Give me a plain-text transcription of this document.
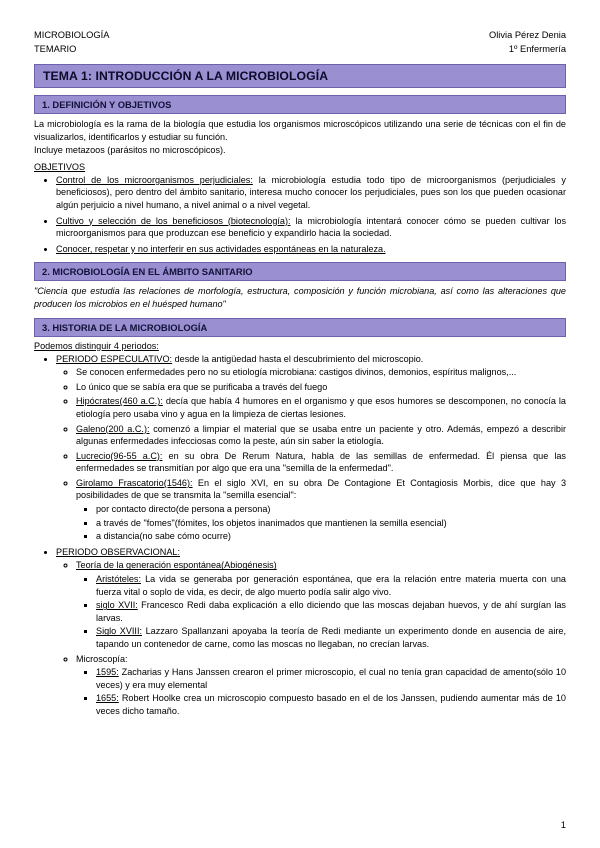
MICROBIOLOGÍA
TEMARIO
Olivia Pérez Denia
1º Enfermería
TEMA 1: INTRODUCCIÓN A LA MICROBIOLOGÍA
1. DEFINICIÓN Y OBJETIVOS

La microbiología es la rama de la biología que estudia los organismos microscópicos utilizando una serie de técnicas con el fin de visualizarlos, identificarlos y estudiar su función.

Incluye metazoos (parásitos no microscópicos).

OBJETIVOS
• Control de los microorganismos perjudiciales: la microbiología estudia todo tipo de microorganismos (perjudiciales y beneficiosos), pero dentro del ámbito sanitario, interesa mucho conocer los perjudiciales, pues son los que pueden ocasionar algún perjuicio a nivel humano, a nivel animal o a nivel vegetal.
• Cultivo y selección de los beneficiosos (biotecnología): la microbiología intentará conocer cómo se pueden cultivar los microorganismos para que produzcan ese beneficio y expandirlo hacia la sociedad.
• Conocer, respetar y no interferir en sus actividades espontáneas en la naturaleza.
2. MICROBIOLOGÍA EN EL ÁMBITO SANITARIO

"Ciencia que estudia las relaciones de morfología, estructura, composición y función microbiana, así como las alteraciones que producen los microbios en el huésped humano"

3. HISTORIA DE LA MICROBIOLOGÍA
Podemos distinguir 4 periodos:
• PERIODO ESPECULATIVO: desde la antigüedad hasta el descubrimiento del microscopio.
◦ Se conocen enfermedades pero no su etiología microbiana: castigos divinos, demonios, espíritus malignos,...
◦ Lo único que se sabía era que se purificaba a través del fuego
◦ Hipócrates(460 a.C.): decía que había 4 humores en el organismo y que esos humores se descomponen, no conocía la etiología pero usaba vino y agua en la limpieza de ciertas lesiones.
◦ Galeno(200 a.C.): comenzó a limpiar el material que se usaba entre un paciente y otro. Además, empezó a describir algunas enfermedades infecciosas como la peste, aún sin saber la etiología.
◦ Lucrecio(96-55 a.C): en su obra De Rerum Natura, habla de las semillas de enfermedad. Él piensa que las enfermedades se transmitían por algo que era una "semilla de la enfermedad".
◦ Girolamo Frascatorio(1546): En el siglo XVI, en su obra De Contagione Et Contagiosis Morbis, dice que hay 3 posibilidades de que se transmita la "semilla esencial":
▪ por contacto directo(de persona a persona)
▪ a través de "fomes"(fómites, los objetos inanimados que mantienen la semilla esencial)
▪ a distancia(no sabe cómo ocurre)
• PERIODO OBSERVACIONAL:
◦ Teoría de la generación espontánea(Abiogénesis)
▪ Aristóteles: La vida se generaba por generación espontánea, que era la relación entre materia muerta con una fuerza vital o soplo de vida, es decir, de algo muerto podía salir algo vivo.
▪ siglo XVII: Francesco Redi daba explicación a ello diciendo que las moscas dejaban huevos, y de ahí surgían las larvas.
▪ Siglo XVIII: Lazzaro Spallanzani apoyaba la teoría de Redi mediante un experimento donde en ausencia de aire, tapando un contenedor de carne, como las moscas no llegaban, no crecían larvas.
◦ Microscopía:
▪ 1595: Zacharias y Hans Janssen crearon el primer microscopio, el cual no tenía gran capacidad de amento(sólo 10 veces) y era muy elemental
▪ 1655: Robert Hoolke crea un microscopio compuesto basado en el de los Janssen, pudiendo aumentar más de 10 veces dicho tamaño.
1
